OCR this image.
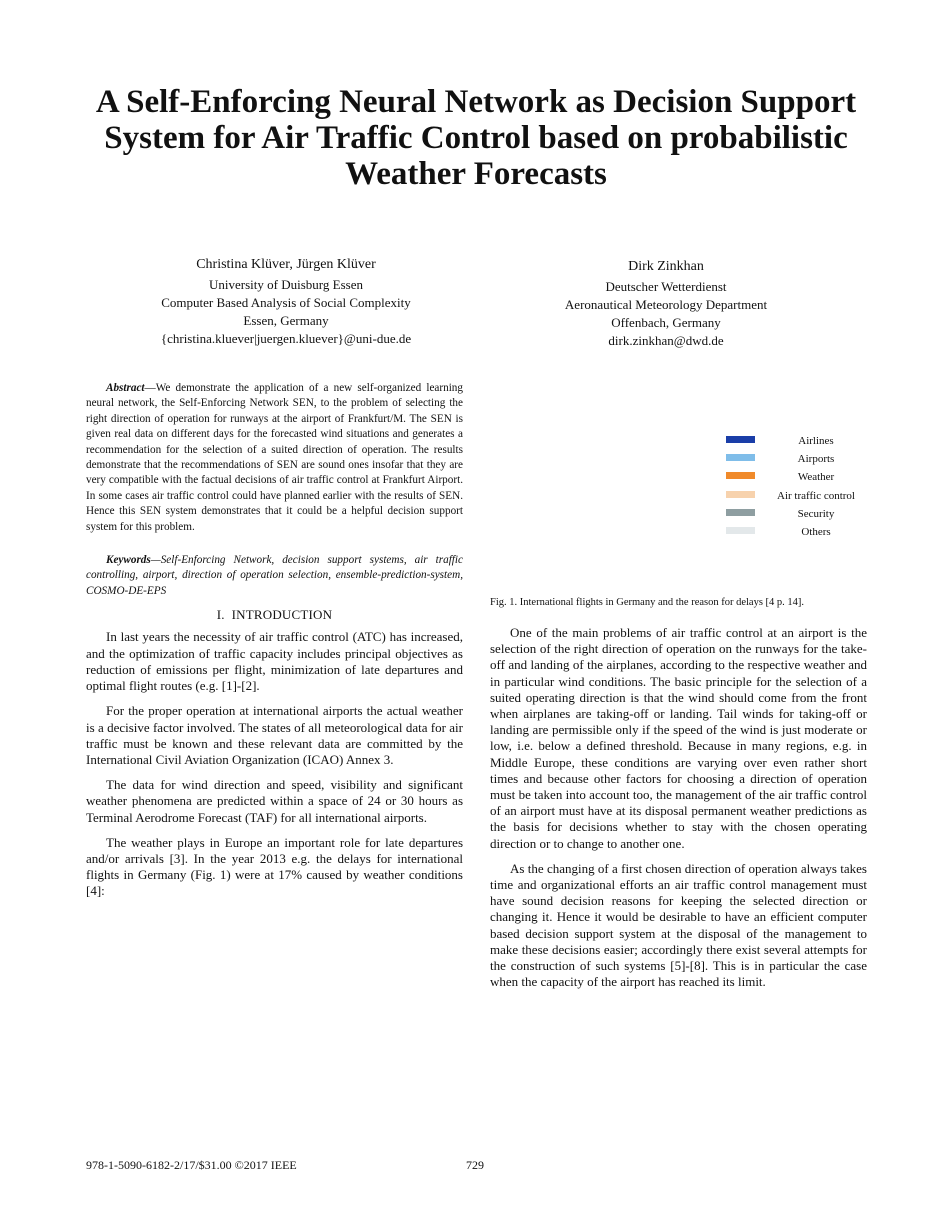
A Self-Enforcing Neural Network as Decision Support System for Air Traffic Control based on probabilistic Weather Forecasts
Christina Klüver, Jürgen Klüver
University of Duisburg Essen
Computer Based Analysis of Social Complexity
Essen, Germany
{christina.kluever|juergen.kluever}@uni-due.de
Dirk Zinkhan
Deutscher Wetterdienst
Aeronautical Meteorology Department
Offenbach, Germany
dirk.zinkhan@dwd.de
Abstract—We demonstrate the application of a new self-organized learning neural network, the Self-Enforcing Network SEN, to the problem of selecting the right direction of operation for runways at the airport of Frankfurt/M. The SEN is given real data on different days for the forecasted wind situations and generates a recommendation for the selection of a suited direction of operation. The results demonstrate that the recommendations of SEN are sound ones insofar that they are very compatible with the factual decisions of air traffic control at Frankfurt Airport. In some cases air traffic control could have planned earlier with the results of SEN. Hence this SEN system demonstrates that it could be a helpful decision support system for this problem.
Keywords—Self-Enforcing Network, decision support systems, air traffic controlling, airport, direction of operation selection, ensemble-prediction-system, COSMO-DE-EPS
I. INTRODUCTION

In last years the necessity of air traffic control (ATC) has increased, and the optimization of traffic capacity includes principal objectives as reduction of emissions per flight, minimization of late departures and optimal flight routes (e.g. [1]-[2].

For the proper operation at international airports the actual weather is a decisive factor involved. The states of all meteorological data for air traffic must be known and these relevant data are committed by the International Civil Aviation Organization (ICAO) Annex 3.

The data for wind direction and speed, visibility and significant weather phenomena are predicted within a space of 24 or 30 hours as Terminal Aerodrome Forecast (TAF) for all international airports.

The weather plays in Europe an important role for late departures and/or arrivals [3]. In the year 2013 e.g. the delays for international flights in Germany (Fig. 1) were at 17% caused by weather conditions [4]:

Airlines
Airports
Weather
Air traffic control
Security
Others
Fig. 1. International flights in Germany and the reason for delays [4 p. 14].

One of the main problems of air traffic control at an airport is the selection of the right direction of operation on the runways for the take-off and landing of the airplanes, according to the respective weather and in particular wind conditions. The basic principle for the selection of a suited operating direction is that the wind should come from the front when airplanes are taking-off or landing. Tail winds for taking-off or landing are permissible only if the speed of the wind is just moderate or low, i.e. below a defined threshold. Because in many regions, e.g. in Middle Europe, these conditions are varying over even rather short times and because other factors for choosing a direction of operation must be taken into account too, the management of the air traffic control of an airport must have at its disposal permanent weather predictions as the basis for decisions whether to stay with the chosen operating direction or to change to another one.

As the changing of a first chosen direction of operation always takes time and organizational efforts an air traffic control management must have sound decision reasons for keeping the selected direction or changing it. Hence it would be desirable to have an efficient computer based decision support system at the disposal of the management to make these decisions easier; accordingly there exist several attempts for the construction of such systems [5]-[8]. This is in particular the case when the capacity of the airport has reached its limit.

978-1-5090-6182-2/17/$31.00 ©2017 IEEE	729
